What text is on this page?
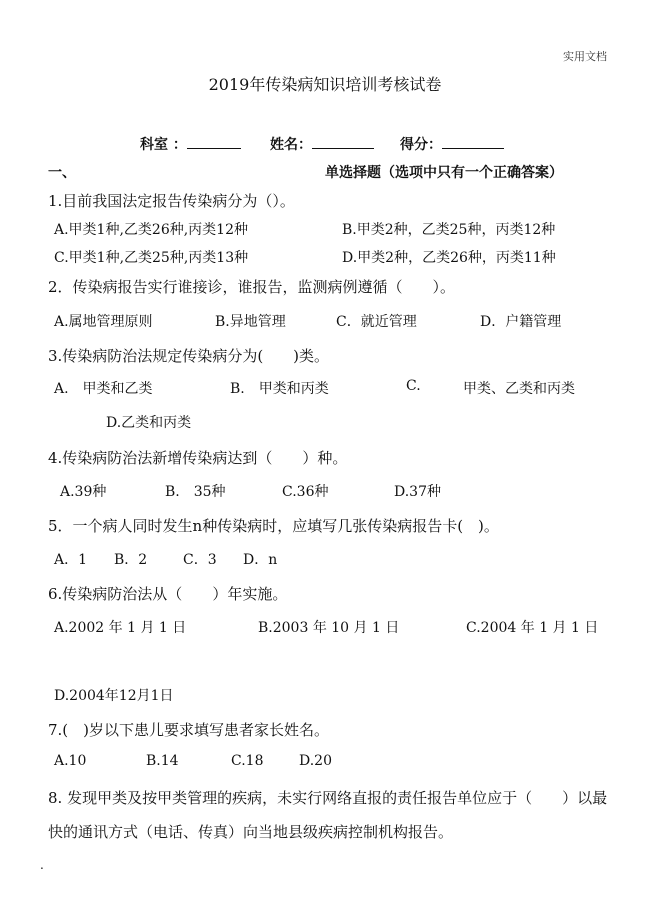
实用文档
2019年传染病知识培训考核试卷
科室 ：	姓名：	得分：
一、	单选择题（选项中只有一个正确答案）
1.目前我国法定报告传染病分为（）。
A.甲类1种,乙类26种,丙类12种	B.甲类2种，乙类25种，丙类12种
C.甲类1种,乙类25种,丙类13种	D.甲类2种，乙类26种，丙类11种
2．传染病报告实行谁接诊，谁报告，监测病例遵循（　　）。
A.属地管理原则	B.异地管理	C．就近管理	D．户籍管理
3.传染病防治法规定传染病分为(　　)类。
A.　甲类和乙类	B.　甲类和丙类	C.	甲类、乙类和丙类
D.乙类和丙类
4.传染病防治法新增传染病达到（　　）种。
A.39种	B.　35种	C.36种	D.37种
5．一个病人同时发生n种传染病时，应填写几张传染病报告卡(　)。
A．1 B．2	C．3 D．n
6.传染病防治法从（　　）年实施。
A.2002 年 1 月 1 日	B.2003 年 10 月 1 日	C.2004 年 1 月 1 日
D.2004年12月1日
7.(　)岁以下患儿要求填写患者家长姓名。
A.10	B.14	C.18	D.20
8. 发现甲类及按甲类管理的疾病，未实行网络直报的责任报告单位应于（　　）以最
快的通讯方式（电话、传真）向当地县级疾病控制机构报告。
.
